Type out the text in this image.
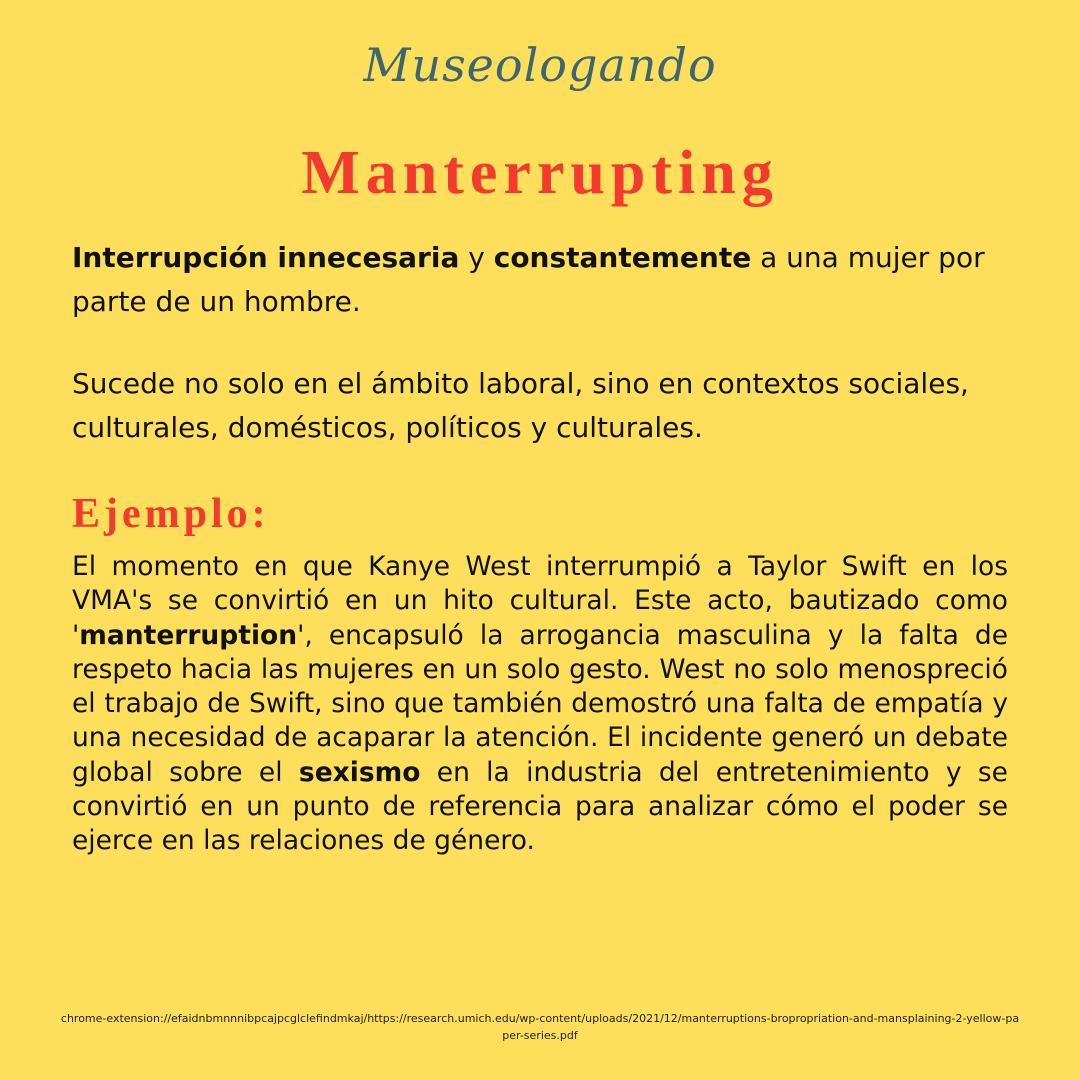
Museologando
Manterrupting

Interrupción innecesaria y constantemente a una mujer por parte de un hombre.

Sucede no solo en el ámbito laboral, sino en contextos sociales, culturales, domésticos, políticos y culturales.

Ejemplo:

El momento en que Kanye West interrumpió a Taylor Swift en los VMA's se convirtió en un hito cultural. Este acto, bautizado como 'manterruption', encapsuló la arrogancia masculina y la falta de respeto hacia las mujeres en un solo gesto. West no solo menospreció el trabajo de Swift, sino que también demostró una falta de empatía y una necesidad de acaparar la atención. El incidente generó un debate global sobre el sexismo en la industria del entretenimiento y se convirtió en un punto de referencia para analizar cómo el poder se ejerce en las relaciones de género.

chrome-extension://efaidnbmnnnibpcajpcglclefindmkaj/https://research.umich.edu/wp-content/uploads/2021/12/manterruptions-bropropriation-and-mansplaining-2-yellow-paper-series.pdf
